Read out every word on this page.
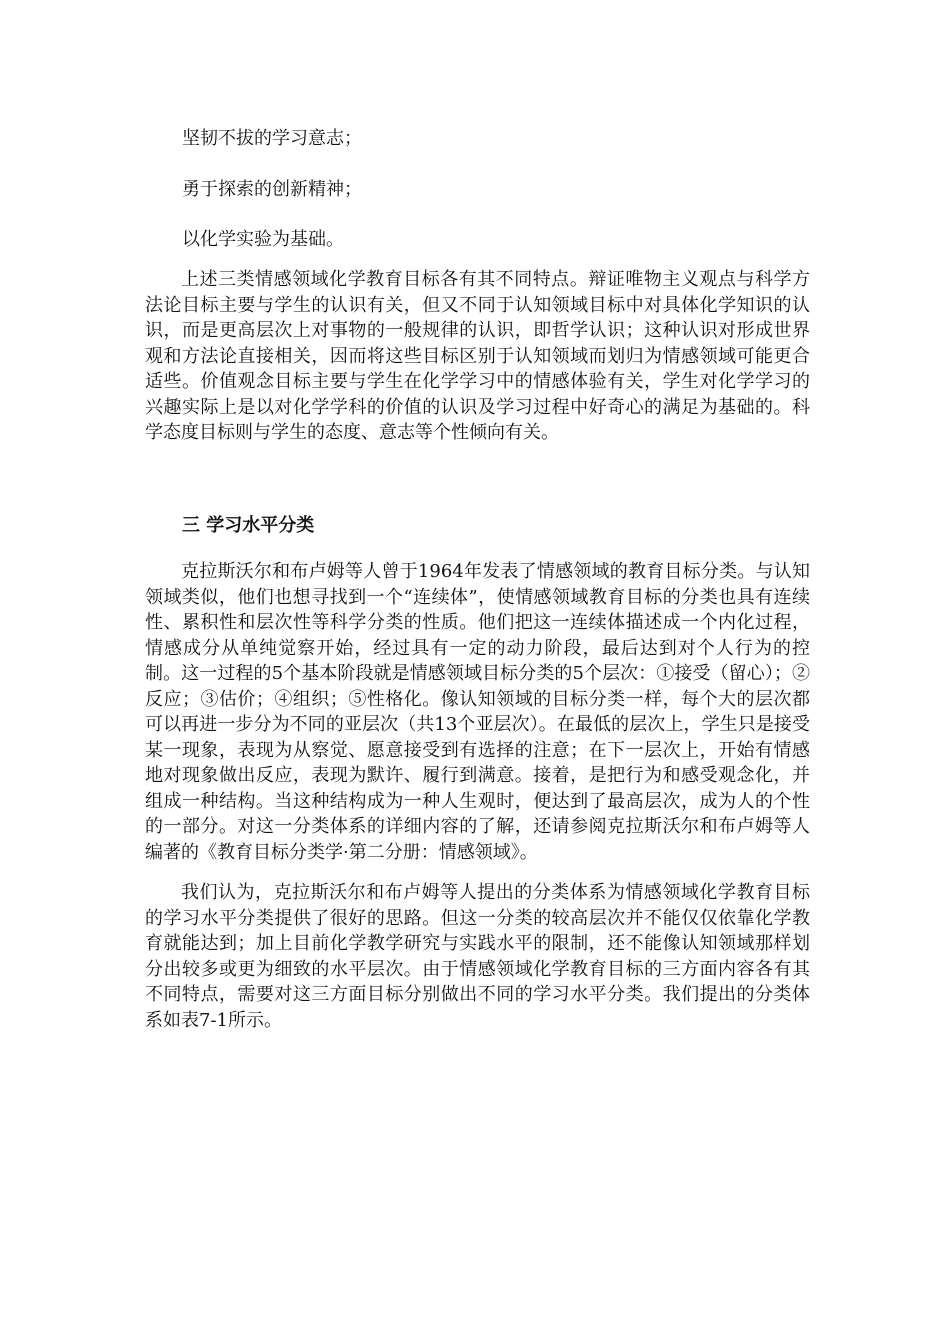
坚韧不拔的学习意志；
勇于探索的创新精神；
以化学实验为基础。

上述三类情感领域化学教育目标各有其不同特点。辩证唯物主义观点与科学方法论目标主要与学生的认识有关，但又不同于认知领域目标中对具体化学知识的认识，而是更高层次上对事物的一般规律的认识，即哲学认识；这种认识对形成世界观和方法论直接相关，因而将这些目标区别于认知领域而划归为情感领域可能更合适些。价值观念目标主要与学生在化学学习中的情感体验有关，学生对化学学习的兴趣实际上是以对化学学科的价值的认识及学习过程中好奇心的满足为基础的。科学态度目标则与学生的态度、意志等个性倾向有关。

三 学习水平分类

克拉斯沃尔和布卢姆等人曾于1964年发表了情感领域的教育目标分类。与认知领域类似，他们也想寻找到一个“连续体”，使情感领域教育目标的分类也具有连续性、累积性和层次性等科学分类的性质。他们把这一连续体描述成一个内化过程，情感成分从单纯觉察开始，经过具有一定的动力阶段，最后达到对个人行为的控制。这一过程的5个基本阶段就是情感领域目标分类的5个层次：①接受（留心）；②反应；③估价；④组织；⑤性格化。像认知领域的目标分类一样，每个大的层次都可以再进一步分为不同的亚层次（共13个亚层次）。在最低的层次上，学生只是接受某一现象，表现为从察觉、愿意接受到有选择的注意；在下一层次上，开始有情感地对现象做出反应，表现为默许、履行到满意。接着，是把行为和感受观念化，并组成一种结构。当这种结构成为一种人生观时，便达到了最高层次，成为人的个性的一部分。对这一分类体系的详细内容的了解，还请参阅克拉斯沃尔和布卢姆等人编著的《教育目标分类学·第二分册：情感领域》。

我们认为，克拉斯沃尔和布卢姆等人提出的分类体系为情感领域化学教育目标的学习水平分类提供了很好的思路。但这一分类的较高层次并不能仅仅依靠化学教育就能达到；加上目前化学教学研究与实践水平的限制，还不能像认知领域那样划分出较多或更为细致的水平层次。由于情感领域化学教育目标的三方面内容各有其不同特点，需要对这三方面目标分别做出不同的学习水平分类。我们提出的分类体系如表7-1所示。
